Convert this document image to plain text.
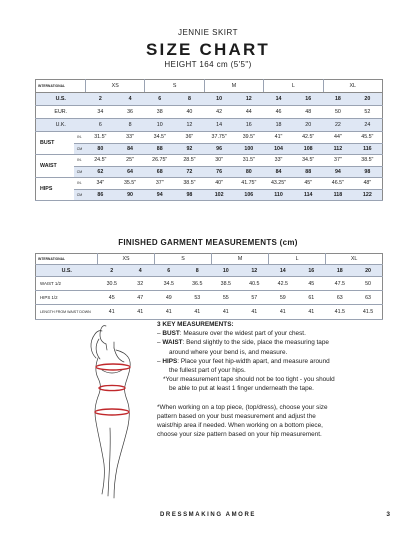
JENNIE SKIRT
SIZE CHART
HEIGHT 164 cm (5'5")
INTERNATIONAL		XS		S		M		L		XL	
U.S.		2	4	6	8	10	12	14	16	18	20
EUR.		34	36	38	40	42	44	46	48	50	52
U.K.		6	8	10	12	14	16	18	20	22	24
BUST	IN.	31.5"	33"	34.5"	36"	37.75"	39.5"	41"	42.5"	44"	45.5"
	CM	80	84	88	92	96	100	104	108	112	116
WAIST	IN.	24.5"	25"	26.75"	28.5"	30"	31.5"	33"	34.5"	37"	38.5"
	CM	62	64	68	72	76	80	84	88	94	98
HIPS	IN.	34"	35.5"	37"	38.5"	40"	41.75"	43.25"	45"	46.5"	48"
	CM	86	90	94	98	102	106	110	114	118	122
FINISHED GARMENT MEASUREMENTS (cm)
INTERNATIONAL	XS		S		M		L		XL	
U.S.	2	4	6	8	10	12	14	16	18	20
WAIST 1/2	30.5	32	34.5	36.5	38.5	40.5	42.5	45	47.5	50
HIPS 1/2	45	47	49	53	55	57	59	61	63	63
LENGTH FROM WAIST DOWN	41	41	41	41	41	41	41	41	41.5	41.5
3 KEY MEASUREMENTS:
– BUST: Measure over the widest part of your chest.
– WAIST: Bend slightly to the side, place the measuring tape
around where your bend is, and measure.
– HIPS: Place your feet hip-width apart, and measure around
the fullest part of your hips.
*Your measurement tape should not be too tight - you should
be able to put at least 1 finger underneath the tape.
*When working on a top piece, (top/dress), choose your size
pattern based on your bust measurement and adjust the
waist/hip area if needed. When working on a bottom piece,
choose your size pattern based on your hip measurement.
DRESSMAKING AMORE	3
